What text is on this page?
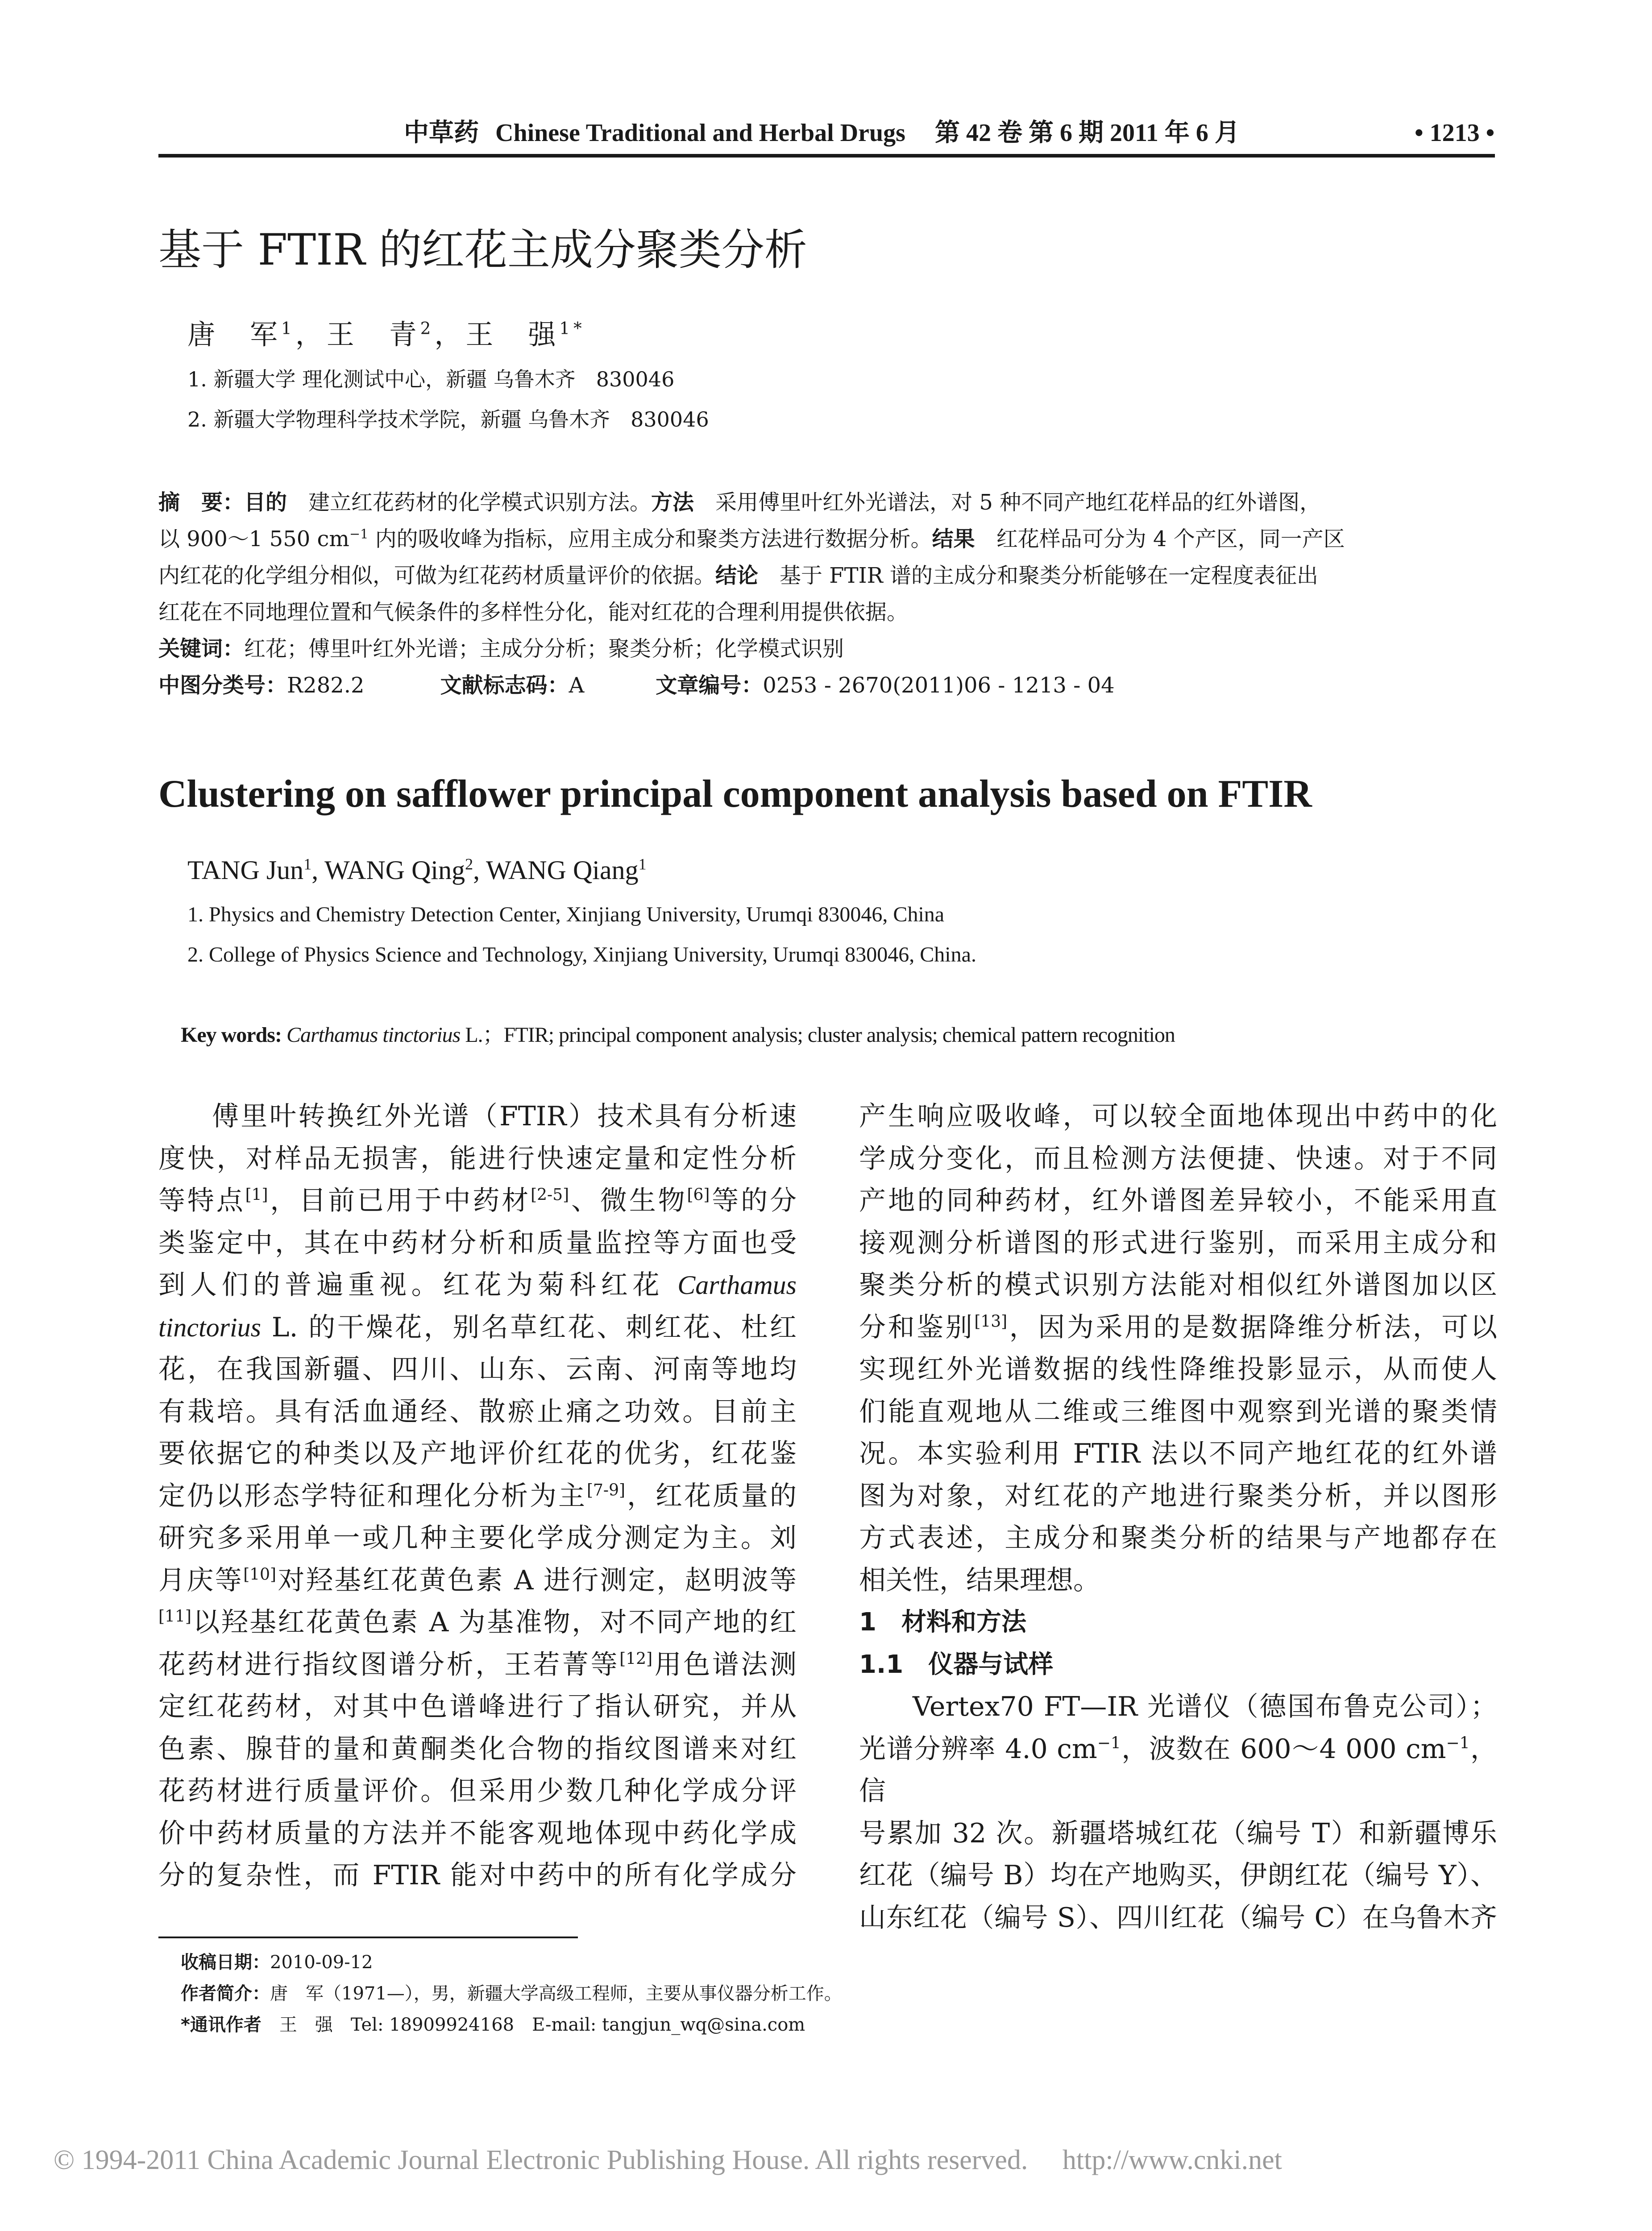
中草药 Chinese Traditional and Herbal Drugs 第 42 卷 第 6 期 2011 年 6 月	• 1213 •
基于 FTIR 的红花主成分聚类分析
唐　军$^1$，王　青$^2$，王　强$^{1*}$
1. 新疆大学 理化测试中心，新疆 乌鲁木齐　830046
2. 新疆大学物理科学技术学院，新疆 乌鲁木齐　830046
摘　要：目的　建立红花药材的化学模式识别方法。方法　采用傅里叶红外光谱法，对 5 种不同产地红花样品的红外谱图，
以 900～1 550 $cm^{-1}$ 内的吸收峰为指标，应用主成分和聚类方法进行数据分析。结果　红花样品可分为 4 个产区，同一产区
内红花的化学组分相似，可做为红花药材质量评价的依据。结论　基于 FTIR 谱的主成分和聚类分析能够在一定程度表征出
红花在不同地理位置和气候条件的多样性分化，能对红花的合理利用提供依据。
关键词：红花；傅里叶红外光谱；主成分分析；聚类分析；化学模式识别
中图分类号：R282.2	文献标志码：A	文章编号：0253 - 2670(2011)06 - 1213 - 04
Clustering on safflower principal component analysis based on FTIR
TANG Jun$^1$, WANG Qing$^2$, WANG Qiang$^1$
1. Physics and Chemistry Detection Center, Xinjiang University, Urumqi 830046, China
2. College of Physics Science and Technology, Xinjiang University, Urumqi 830046, China.
Key words: Carthamus tinctorius L.；FTIR; principal component analysis; cluster analysis; chemical pattern recognition

傅里叶转换红外光谱（FTIR）技术具有分析速

度快，对样品无损害，能进行快速定量和定性分析

等特点[1]，目前已用于中药材[2-5]、微生物[6]等的分

类鉴定中，其在中药材分析和质量监控等方面也受

到人们的普遍重视。红花为菊科红花 Carthamus

tinctorius L. 的干燥花，别名草红花、刺红花、杜红

花，在我国新疆、四川、山东、云南、河南等地均

有栽培。具有活血通经、散瘀止痛之功效。目前主

要依据它的种类以及产地评价红花的优劣，红花鉴

定仍以形态学特征和理化分析为主[7-9]，红花质量的

研究多采用单一或几种主要化学成分测定为主。刘

月庆等[10]对羟基红花黄色素 A 进行测定，赵明波等

[11]以羟基红花黄色素 A 为基准物，对不同产地的红

花药材进行指纹图谱分析，王若菁等[12]用色谱法测

定红花药材，对其中色谱峰进行了指认研究，并从

色素、腺苷的量和黄酮类化合物的指纹图谱来对红

花药材进行质量评价。但采用少数几种化学成分评

价中药材质量的方法并不能客观地体现中药化学成

分的复杂性，而 FTIR 能对中药中的所有化学成分

产生响应吸收峰，可以较全面地体现出中药中的化

学成分变化，而且检测方法便捷、快速。对于不同

产地的同种药材，红外谱图差异较小，不能采用直

接观测分析谱图的形式进行鉴别，而采用主成分和

聚类分析的模式识别方法能对相似红外谱图加以区

分和鉴别[13]，因为采用的是数据降维分析法，可以

实现红外光谱数据的线性降维投影显示，从而使人

们能直观地从二维或三维图中观察到光谱的聚类情

况。本实验利用 FTIR 法以不同产地红花的红外谱

图为对象，对红花的产地进行聚类分析，并以图形

方式表述，主成分和聚类分析的结果与产地都存在

相关性，结果理想。

1　材料和方法

1.1　仪器与试样

Vertex70 FT—IR 光谱仪（德国布鲁克公司）；

光谱分辨率 4.0 $cm^{-1}$，波数在 600～4 000 $cm^{-1}$，信

号累加 32 次。新疆塔城红花（编号 T）和新疆博乐

红花（编号 B）均在产地购买，伊朗红花（编号 Y）、

山东红花（编号 S）、四川红花（编号 C）在乌鲁木齐

收稿日期：2010-09-12
作者简介：唐　军（1971—），男，新疆大学高级工程师，主要从事仪器分析工作。
*通讯作者　王　强　Tel: 18909924168　E-mail: tangjun_wq@sina.com
© 1994-2011 China Academic Journal Electronic Publishing House. All rights reserved.　 http://www.cnki.net
